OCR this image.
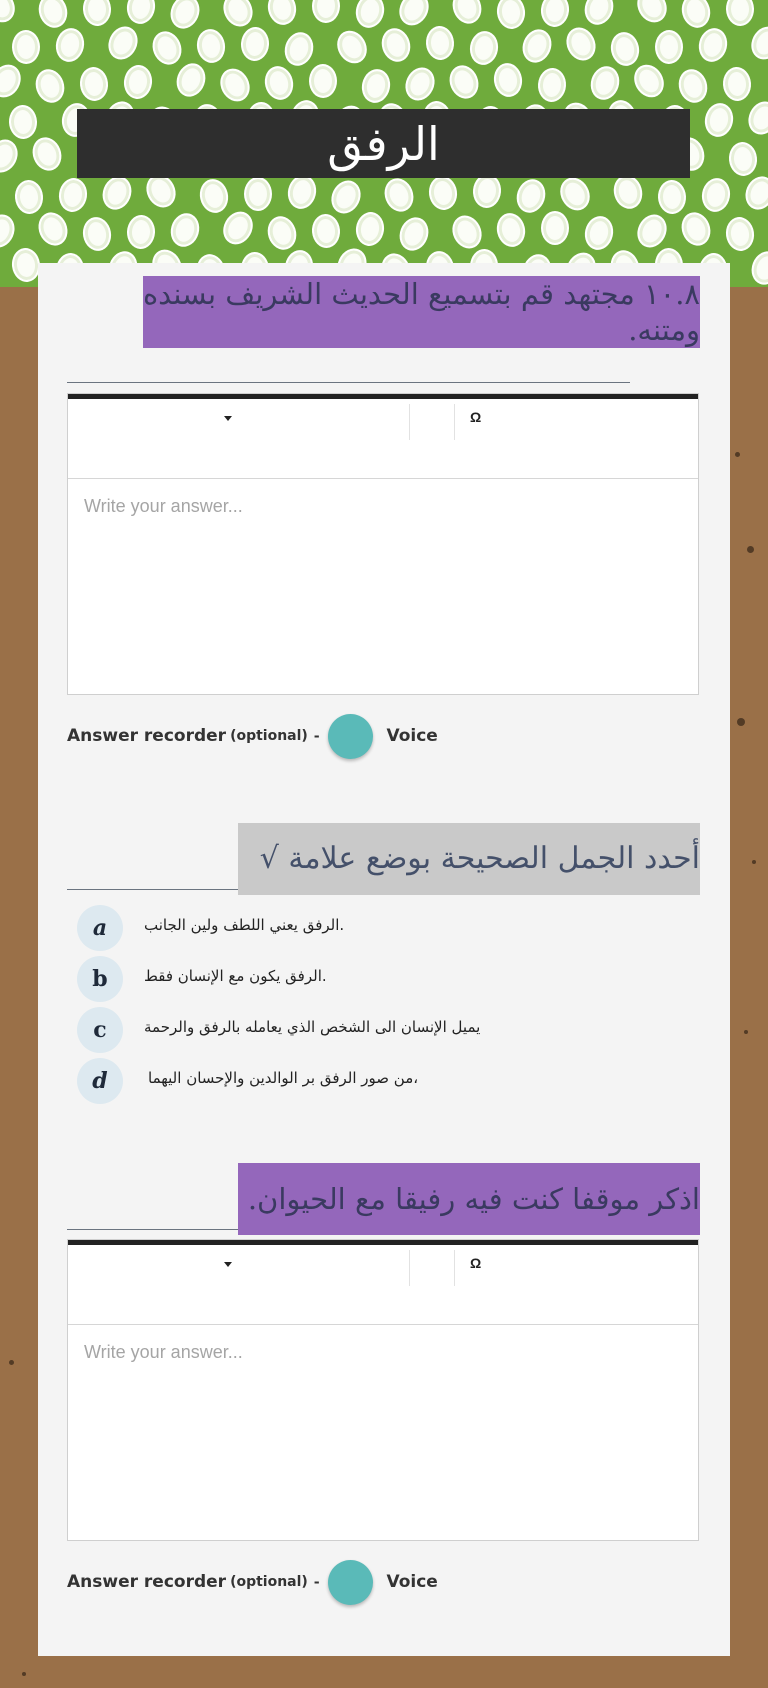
الرفق
١٠.٨ مجتهد قم بتسميع الحديث الشريف بسنده ومتنه.
Ω
Write your answer...
Answer recorder (optional) -	Voice
أحدد الجمل الصحيحة بوضع علامة √
a	الرفق يعني اللطف ولين الجانب.
b	الرفق يكون مع الإنسان فقط.
c	يميل الإنسان الى الشخص الذي يعامله بالرفق والرحمة
d	من صور الرفق بر الوالدين والإحسان اليهما،
اذكر موقفا كنت فيه رفيقا مع الحيوان.
Ω
Write your answer...
Answer recorder (optional) -	Voice
